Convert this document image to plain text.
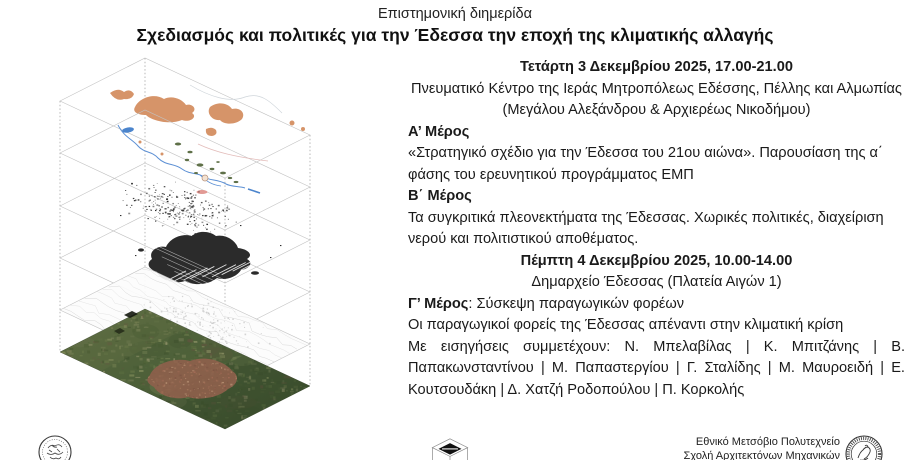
Επιστημονική διημερίδα
Σχεδιασμός και πολιτικές για την Έδεσσα την εποχή της κλιματικής αλλαγής

Τετάρτη 3 Δεκεμβρίου 2025, 17.00-21.00

Πνευματικό Κέντρο της Ιεράς Μητροπόλεως Εδέσσης, Πέλλης και Αλμωπίας

(Μεγάλου Αλεξάνδρου & Αρχιερέως Νικοδήμου)

Α’ Μέρος

«Στρατηγικό σχέδιο για την Έδεσσα του 21ου αιώνα». Παρουσίαση της α΄ φάσης του ερευνητικού προγράμματος ΕΜΠ

Β΄ Μέρος

Τα συγκριτικά πλεονεκτήματα της Έδεσσας. Χωρικές πολιτικές, διαχείριση νερού και πολιτιστικού αποθέματος.

Πέμπτη 4 Δεκεμβρίου 2025, 10.00-14.00

Δημαρχείο Έδεσσας (Πλατεία Αιγών 1)

Γ’ Μέρος: Σύσκεψη παραγωγικών φορέων

Οι παραγωγικοί φορείς της Έδεσσας απέναντι στην κλιματική κρίση

Με εισηγήσεις συμμετέχουν: Ν. Μπελαβίλας | Κ. Μπιτζάνης | Β. Παπακωνσταντίνου | Μ. Παπαστεργίου | Γ. Σταλίδης | Μ. Μαυροειδή | Ε. Κουτσουδάκη | Δ. Χατζή Ροδοπούλου | Π. Κορκολής

Εθνικό Μετσόβιο Πολυτεχνείο
Σχολή Αρχιτεκτόνων Μηχανικών
